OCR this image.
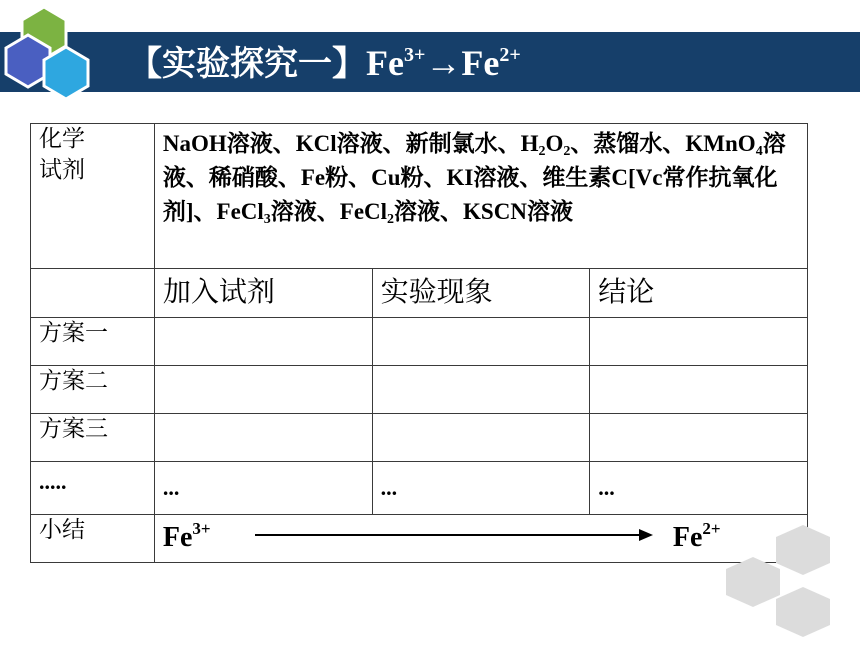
【实验探究一】$Fe^{3+}\to Fe^{2+}$
化学
试剂	NaOH溶液、KCl溶液、新制氯水、$H_2O_2$、蒸馏水、KMnO$_4$溶液、稀硝酸、Fe粉、Cu粉、KI溶液、维生素C[Vc常作抗氧化剂]、FeCl$_3$溶液、FeCl$_2$溶液、KSCN溶液		
	加入试剂	实验现象	结论
方案一			
方案二			
方案三			
.....	...	...	...
小结	$Fe^{3+}$ $Fe^{2+}$
